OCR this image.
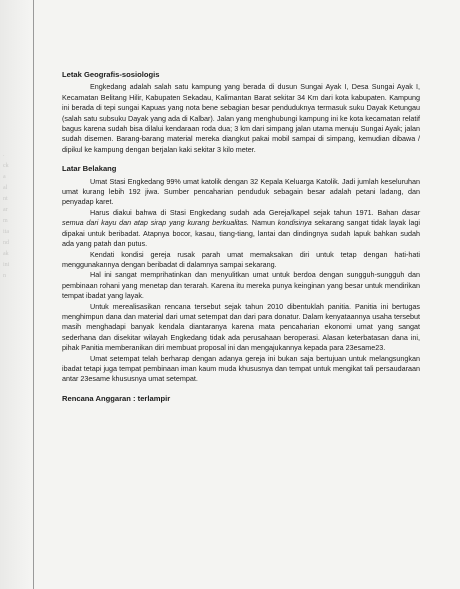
.
ck
a
al
nt
ar
m
ita
nd
ak
ini
n
Letak Geografis-sosiologis

Engkedang adalah salah satu kampung yang berada di dusun Sungai Ayak I, Desa Sungai Ayak I, Kecamatan Belitang Hilir, Kabupaten Sekadau, Kalimantan Barat sekitar 34 Km dari kota kabupaten. Kampung ini berada di tepi sungai Kapuas yang nota bene sebagian besar penduduknya termasuk suku Dayak Ketungau (salah satu subsuku Dayak yang ada di Kalbar). Jalan yang menghubungi kampung ini ke kota kecamatan relatif bagus karena sudah bisa dilalui kendaraan roda dua; 3 km dari simpang jalan utama menuju Sungai Ayak; jalan sudah disemen. Barang-barang material mereka diangkut pakai mobil sampai di simpang, kemudian dibawa / dipikul ke kampung dengan berjalan kaki sekitar 3 kilo meter.

Latar Belakang

Umat Stasi Engkedang 99% umat katolik dengan 32 Kepala Keluarga Katolik. Jadi jumlah keseluruhan umat kurang lebih 192 jiwa. Sumber pencaharian penduduk sebagain besar adalah petani ladang, dan penyadap karet.

Harus diakui bahwa di Stasi Engkedang sudah ada Gereja/kapel sejak tahun 1971. Bahan dasar semua dari kayu dan atap sirap yang kurang berkualitas. Namun kondisinya sekarang sangat tidak layak lagi dipakai untuk beribadat. Atapnya bocor, kasau, tiang-tiang, lantai dan dindingnya sudah lapuk bahkan sudah ada yang patah dan putus.

Kendati kondisi gereja rusak parah umat memaksakan diri untuk tetap dengan hati-hati menggunakannya dengan beribadat di dalamnya sampai sekarang.

Hal ini sangat memprihatinkan dan menyulitkan umat untuk berdoa dengan sungguh-sungguh dan pembinaan rohani yang menetap dan terarah. Karena itu mereka punya keinginan yang besar untuk mendirikan tempat ibadat yang layak.

Untuk merealisasikan rencana tersebut sejak tahun 2010 dibentuklah panitia. Panitia ini bertugas menghimpun dana dan material dari umat setempat dan dari para donatur. Dalam kenyataannya usaha tersebut masih menghadapi banyak kendala diantaranya karena mata pencaharian ekonomi umat yang sangat sederhana dan disekitar wilayah Engkedang tidak ada perusahaan beroperasi. Alasan keterbatasan dana ini, pihak Panitia memberanikan diri membuat proposal ini dan mengajukannya kepada para 23esame23.

Umat setempat telah berharap dengan adanya gereja ini bukan saja bertujuan untuk melangsungkan ibadat tetapi juga tempat pembinaan iman kaum muda khususnya dan tempat untuk mengikat tali persaudaraan antar 23esame khususnya umat setempat.

Rencana Anggaran : terlampir
